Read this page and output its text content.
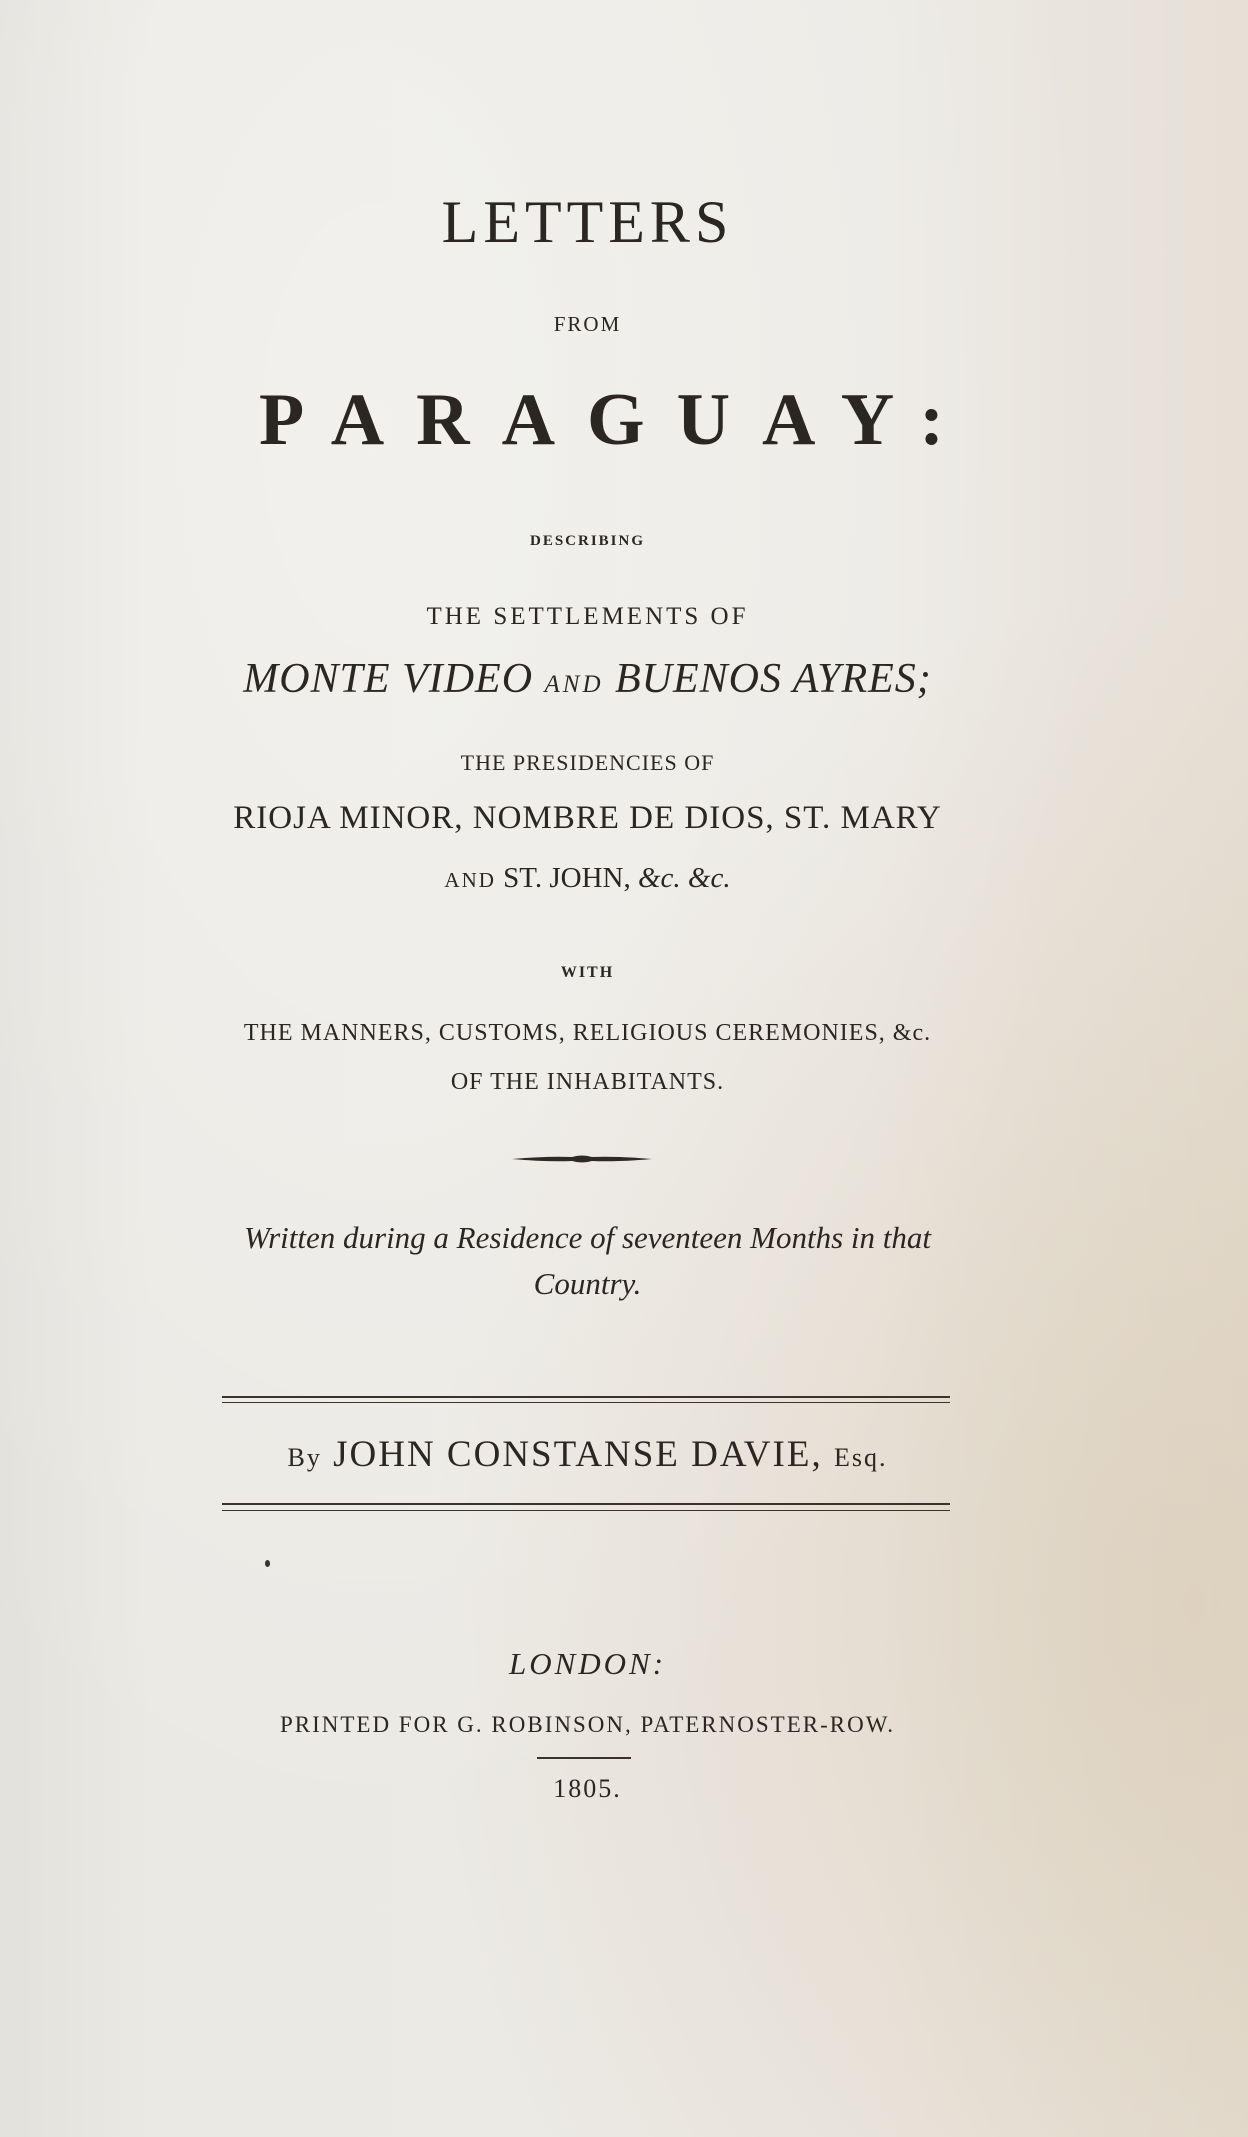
LETTERS
FROM
PARAGUAY:
DESCRIBING
THE SETTLEMENTS OF
MONTE VIDEO AND BUENOS AYRES;
THE PRESIDENCIES OF
RIOJA MINOR, NOMBRE DE DIOS, ST. MARY
AND ST. JOHN, &c. &c.
WITH
THE MANNERS, CUSTOMS, RELIGIOUS CEREMONIES, &c.
OF THE INHABITANTS.
Written during a Residence of seventeen Months in that
Country.
By JOHN CONSTANSE DAVIE, Esq.
LONDON:
PRINTED FOR G. ROBINSON, PATERNOSTER-ROW.
1805.
